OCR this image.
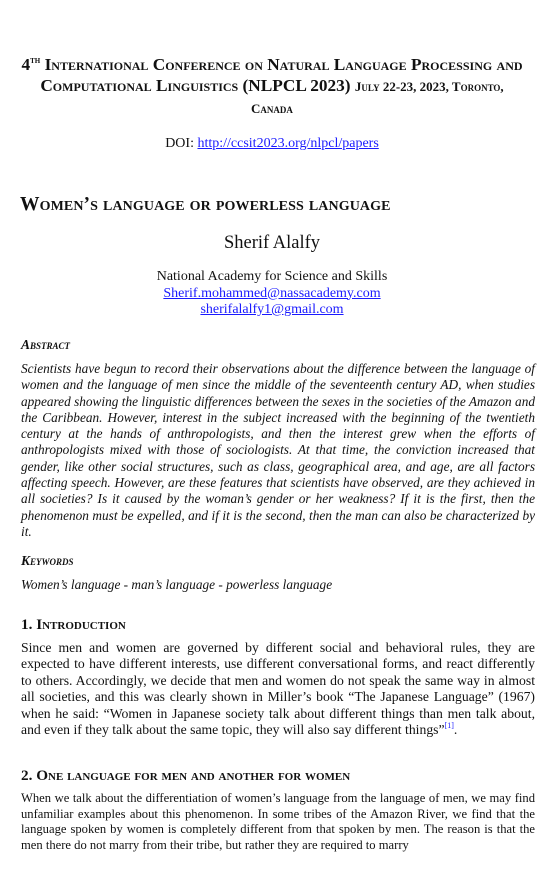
4th International Conference on Natural Language Processing and Computational Linguistics (NLPCL 2023) July 22-23, 2023, Toronto, Canada
DOI: http://ccsit2023.org/nlpcl/papers
Women’s language or powerless language
Sherif Alalfy
National Academy for Science and Skills
Sherif.mohammed@nassacademy.com
sherifalalfy1@gmail.com
Abstract
Scientists have begun to record their observations about the difference between the language of women and the language of men since the middle of the seventeenth century AD, when studies appeared showing the linguistic differences between the sexes in the societies of the Amazon and the Caribbean. However, interest in the subject increased with the beginning of the twentieth century at the hands of anthropologists, and then the interest grew when the efforts of anthropologists mixed with those of sociologists. At that time, the conviction increased that gender, like other social structures, such as class, geographical area, and age, are all factors affecting speech. However, are these features that scientists have observed, are they achieved in all societies? Is it caused by the woman’s gender or her weakness? If it is the first, then the phenomenon must be expelled, and if it is the second, then the man can also be characterized by it.
Keywords
Women’s language - man’s language - powerless language
1. Introduction
Since men and women are governed by different social and behavioral rules, they are expected to have different interests, use different conversational forms, and react differently to others. Accordingly, we decide that men and women do not speak the same way in almost all societies, and this was clearly shown in Miller’s book “The Japanese Language” (1967) when he said: “Women in Japanese society talk about different things than men talk about, and even if they talk about the same topic, they will also say different things”[1].
2. One language for men and another for women
When we talk about the differentiation of women’s language from the language of men, we may find unfamiliar examples about this phenomenon. In some tribes of the Amazon River, we find that the language spoken by women is completely different from that spoken by men. The reason is that the men there do not marry from their tribe, but rather they are required to marry
